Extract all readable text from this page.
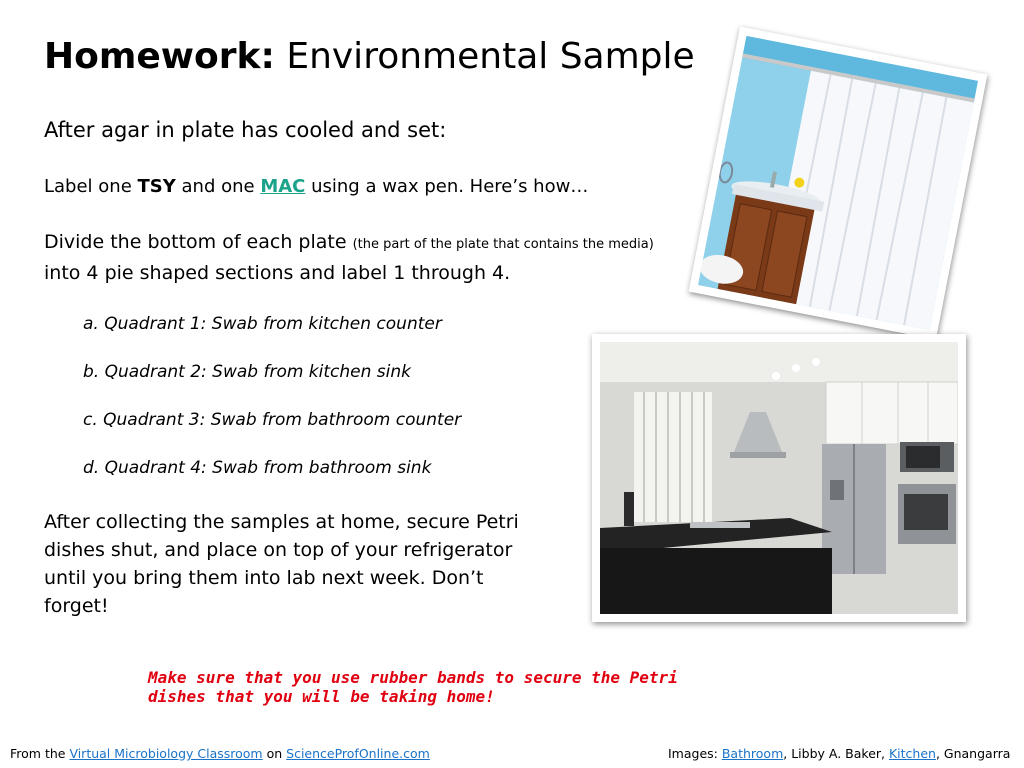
Homework: Environmental Sample
After agar in plate has cooled and set:
Label one TSY and one MAC using a wax pen. Here’s how…
Divide the bottom of each plate (the part of the plate that contains the media) into 4 pie shaped sections and label 1 through 4.
a. Quadrant 1: Swab from kitchen counter
b. Quadrant 2: Swab from kitchen sink
c. Quadrant 3: Swab from bathroom counter
d. Quadrant 4: Swab from bathroom sink
After collecting the samples at home, secure Petri dishes shut, and place on top of your refrigerator until you bring them into lab next week. Don’t forget!
Make sure that you use rubber bands to secure the Petri dishes that you will be taking home!
From the Virtual Microbiology Classroom on ScienceProfOnline.com	Images: Bathroom, Libby A. Baker, Kitchen, Gnangarra
